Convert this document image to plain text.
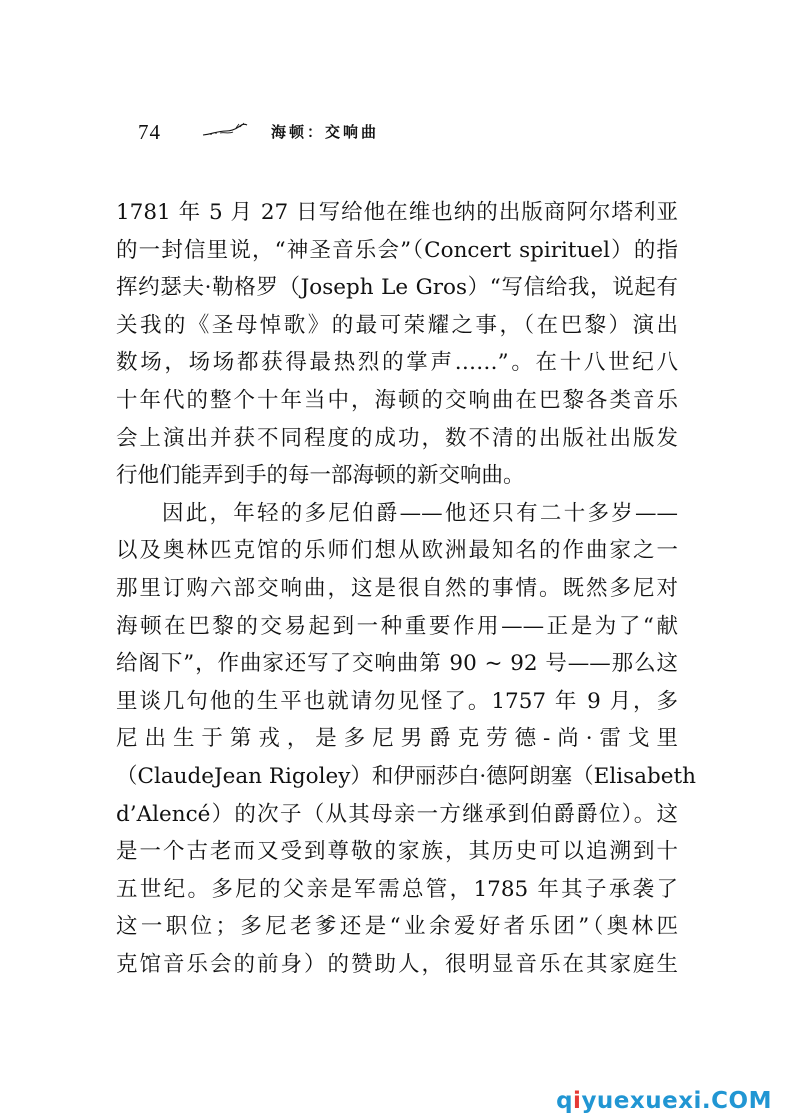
74	海顿：交响曲
1781 年 5 月 27 日写给他在维也纳的出版商阿尔塔利亚
的一封信里说，“神圣音乐会”（Concert spirituel）的指
挥约瑟夫·勒格罗（Joseph Le Gros）“写信给我，说起有
关我的《圣母悼歌》的最可荣耀之事，（在巴黎）演出
数场，场场都获得最热烈的掌声……”。在十八世纪八
十年代的整个十年当中，海顿的交响曲在巴黎各类音乐
会上演出并获不同程度的成功，数不清的出版社出版发
行他们能弄到手的每一部海顿的新交响曲。
因此，年轻的多尼伯爵——他还只有二十多岁——
以及奥林匹克馆的乐师们想从欧洲最知名的作曲家之一
那里订购六部交响曲，这是很自然的事情。既然多尼对
海顿在巴黎的交易起到一种重要作用——正是为了“献
给阁下”，作曲家还写了交响曲第 90 ~ 92 号——那么这
里谈几句他的生平也就请勿见怪了。1757 年 9 月，多
尼出生于第戎，是多尼男爵克劳德-尚·雷戈里
（ClaudeJean Rigoley）和伊丽莎白·德阿朗塞（Elisabeth
d’Alencé）的次子（从其母亲一方继承到伯爵爵位）。这
是一个古老而又受到尊敬的家族，其历史可以追溯到十
五世纪。多尼的父亲是军需总管，1785 年其子承袭了
这一职位；多尼老爹还是“业余爱好者乐团”（奥林匹
克馆音乐会的前身）的赞助人，很明显音乐在其家庭生
qiyuexuexi.COM
